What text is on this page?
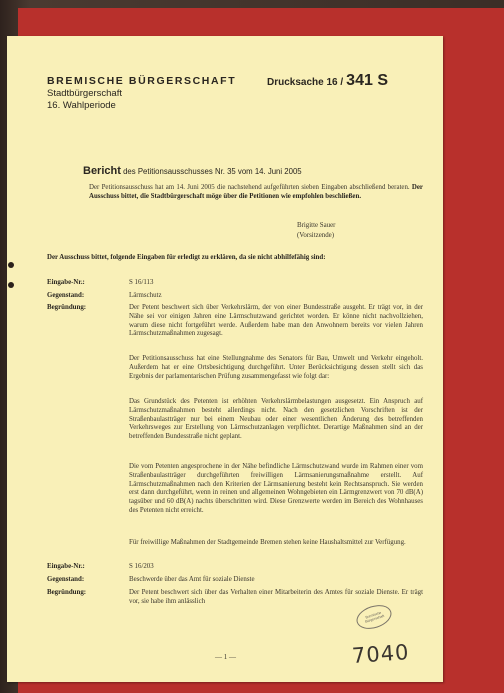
BREMISCHE BÜRGERSCHAFT
Stadtbürgerschaft
16. Wahlperiode
Drucksache 16 / 341 S
Bericht des Petitionsausschusses Nr. 35 vom 14. Juni 2005
Der Petitionsausschuss hat am 14. Juni 2005 die nachstehend aufgeführten sieben Eingaben abschließend beraten. Der Ausschuss bittet, die Stadtbürgerschaft möge über die Petitionen wie empfohlen beschließen.
Brigitte Sauer
(Vorsitzende)
Der Ausschuss bittet, folgende Eingaben für erledigt zu erklären, da sie nicht abhilfefähig sind:
Eingabe-Nr.:	S 16/113
Gegenstand:	Lärmschutz
Begründung:	Der Petent beschwert sich über Verkehrslärm, der von einer Bundesstraße ausgeht. Er trägt vor, in der Nähe sei vor einigen Jahren eine Lärmschutzwand gerichtet worden. Er könne nicht nachvollziehen, warum diese nicht fortgeführt werde. Außerdem habe man den Anwohnern bereits vor vielen Jahren Lärmschutzmaßnahmen zugesagt.
Der Petitionsausschuss hat eine Stellungnahme des Senators für Bau, Umwelt und Verkehr eingeholt. Außerdem hat er eine Ortsbesichtigung durchgeführt. Unter Berücksichtigung dessen stellt sich das Ergebnis der parlamentarischen Prüfung zusammengefasst wie folgt dar:
Das Grundstück des Petenten ist erhöhten Verkehrslärmbelastungen ausgesetzt. Ein Anspruch auf Lärmschutzmaßnahmen besteht allerdings nicht. Nach den gesetzlichen Vorschriften ist der Straßenbaulastträger nur bei einem Neubau oder einer wesentlichen Änderung des betreffenden Verkehrsweges zur Erstellung von Lärmschutzanlagen verpflichtet. Derartige Maßnahmen sind an der betreffenden Bundesstraße nicht geplant.
Die vom Petenten angesprochene in der Nähe befindliche Lärmschutzwand wurde im Rahmen einer vom Straßenbaulastträger durchgeführten freiwilligen Lärmsanierungsmaßnahme erstellt. Auf Lärmschutzmaßnahmen nach den Kriterien der Lärmsanierung besteht kein Rechtsanspruch. Sie werden erst dann durchgeführt, wenn in reinen und allgemeinen Wohngebieten ein Lärmgrenzwert von 70 dB(A) tagsüber und 60 dB(A) nachts überschritten wird. Diese Grenzwerte werden im Bereich des Wohnhauses des Petenten nicht erreicht.
Für freiwillige Maßnahmen der Stadtgemeinde Bremen stehen keine Haushaltsmittel zur Verfügung.
Eingabe-Nr.:	S 16/203
Gegenstand:	Beschwerde über das Amt für soziale Dienste
Begründung:	Der Petent beschwert sich über das Verhalten einer Mitarbeiterin des Amtes für soziale Dienste. Er trägt vor, sie habe ihm anlässlich
Bremische Bürgerschaft
— 1 —	7040
